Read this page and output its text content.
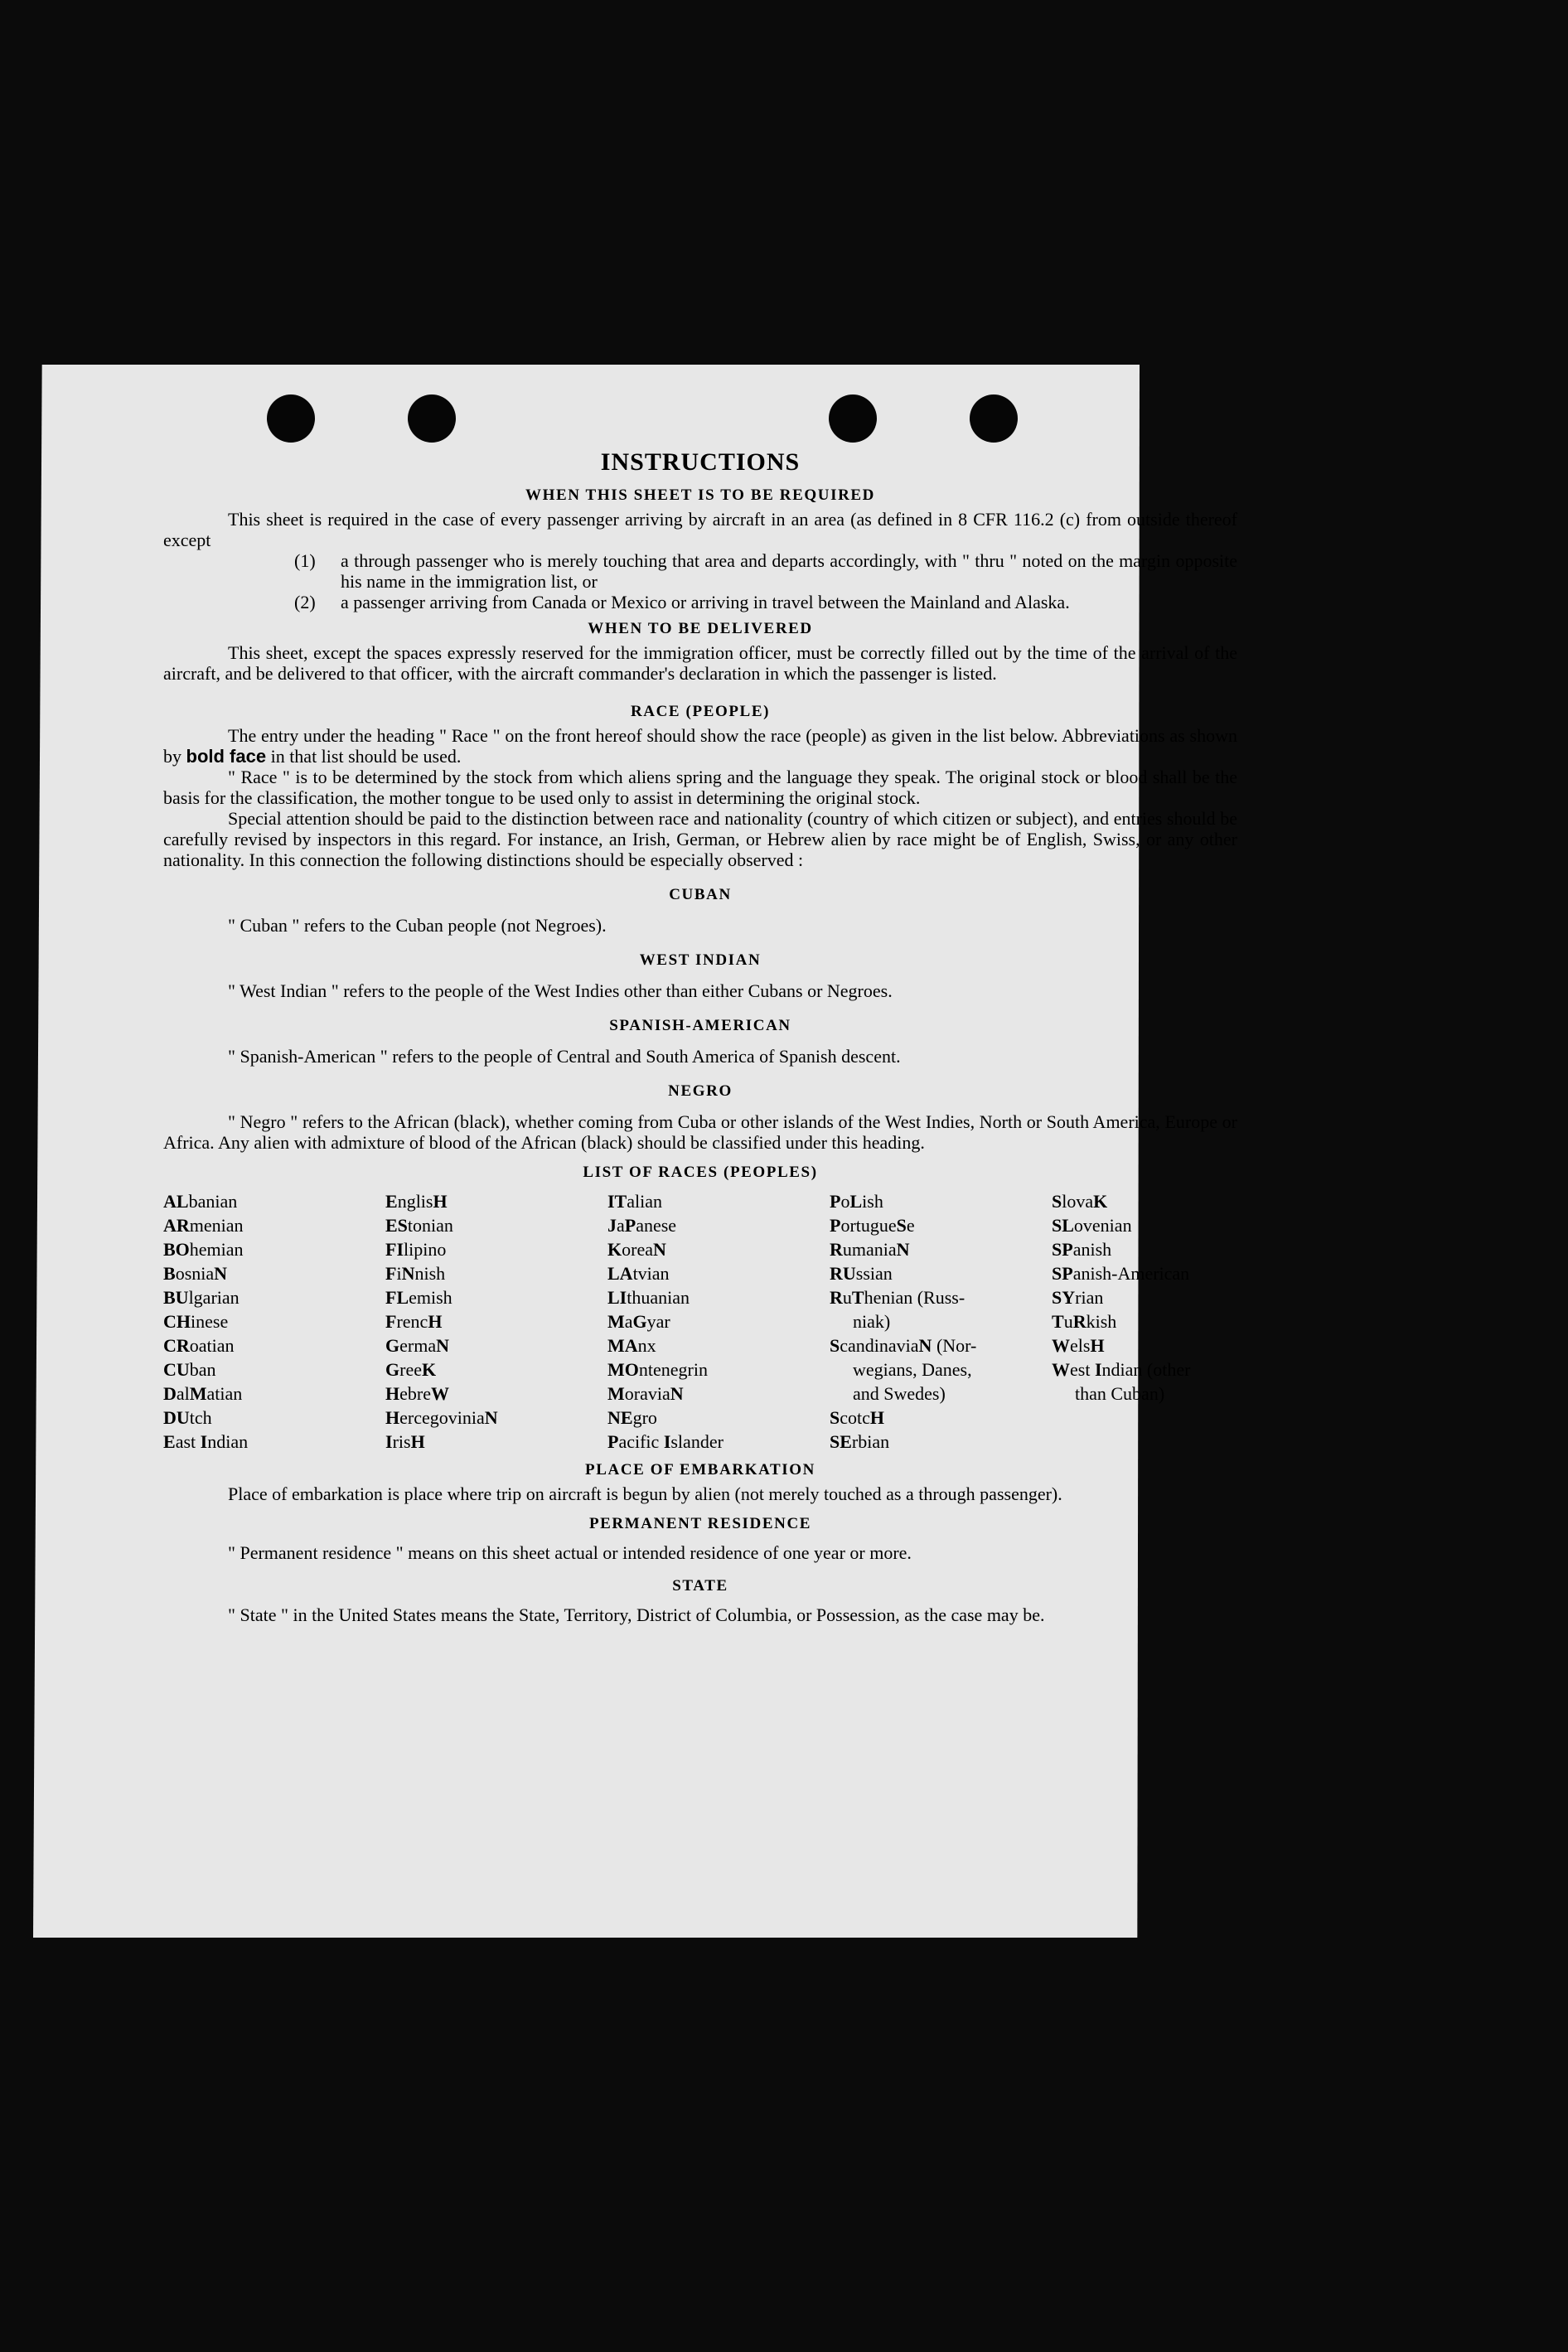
INSTRUCTIONS
WHEN THIS SHEET IS TO BE REQUIRED

This sheet is required in the case of every passenger arriving by aircraft in an area (as defined in 8 CFR 116.2 (c) from outside thereof except

(1) a through passenger who is merely touching that area and departs accordingly, with " thru " noted on the margin opposite his name in the immigration list, or

(2) a passenger arriving from Canada or Mexico or arriving in travel between the Mainland and Alaska.

WHEN TO BE DELIVERED

This sheet, except the spaces expressly reserved for the immigration officer, must be correctly filled out by the time of the arrival of the aircraft, and be delivered to that officer, with the aircraft commander's declaration in which the passenger is listed.

RACE (PEOPLE)

The entry under the heading " Race " on the front hereof should show the race (people) as given in the list below. Abbreviations as shown by bold face in that list should be used.

" Race " is to be determined by the stock from which aliens spring and the language they speak. The original stock or blood shall be the basis for the classification, the mother tongue to be used only to assist in determining the original stock.

Special attention should be paid to the distinction between race and nationality (country of which citizen or subject), and entries should be carefully revised by inspectors in this regard. For instance, an Irish, German, or Hebrew alien by race might be of English, Swiss, or any other nationality. In this connection the following distinctions should be especially observed :

CUBAN

" Cuban " refers to the Cuban people (not Negroes).

WEST INDIAN

" West Indian " refers to the people of the West Indies other than either Cubans or Negroes.

SPANISH-AMERICAN

" Spanish-American " refers to the people of Central and South America of Spanish descent.

NEGRO

" Negro " refers to the African (black), whether coming from Cuba or other islands of the West Indies, North or South America, Europe or Africa. Any alien with admixture of blood of the African (black) should be classified under this heading.

LIST OF RACES (PEOPLES)
ALbanian
ARmenian
BOhemian
BosniaN
BUlgarian
CHinese
CRoatian
CUban
DalMatian
DUtch
East Indian
EnglisH
EStonian
FIlipino
FiNnish
FLemish
FrencH
GermaN
GreeK
HebreW
HercegoviniaN
IrisH
ITalian
JaPanese
KoreaN
LAtvian
LIthuanian
MaGyar
MAnx
MOntenegrin
MoraviaN
NEgro
Pacific Islander
PoLish
PortugueSe
RumaniaN
RUssian
RuThenian (Russ-
niak)
ScandinaviaN (Nor-
wegians, Danes,
and Swedes)
ScotcH
SErbian
SlovaK
SLovenian
SPanish
SPanish-American
SYrian
TuRkish
WelsH
West Indian (other
than Cuban)
PLACE OF EMBARKATION

Place of embarkation is place where trip on aircraft is begun by alien (not merely touched as a through passenger).

PERMANENT RESIDENCE

" Permanent residence " means on this sheet actual or intended residence of one year or more.

STATE

" State " in the United States means the State, Territory, District of Columbia, or Possession, as the case may be.
